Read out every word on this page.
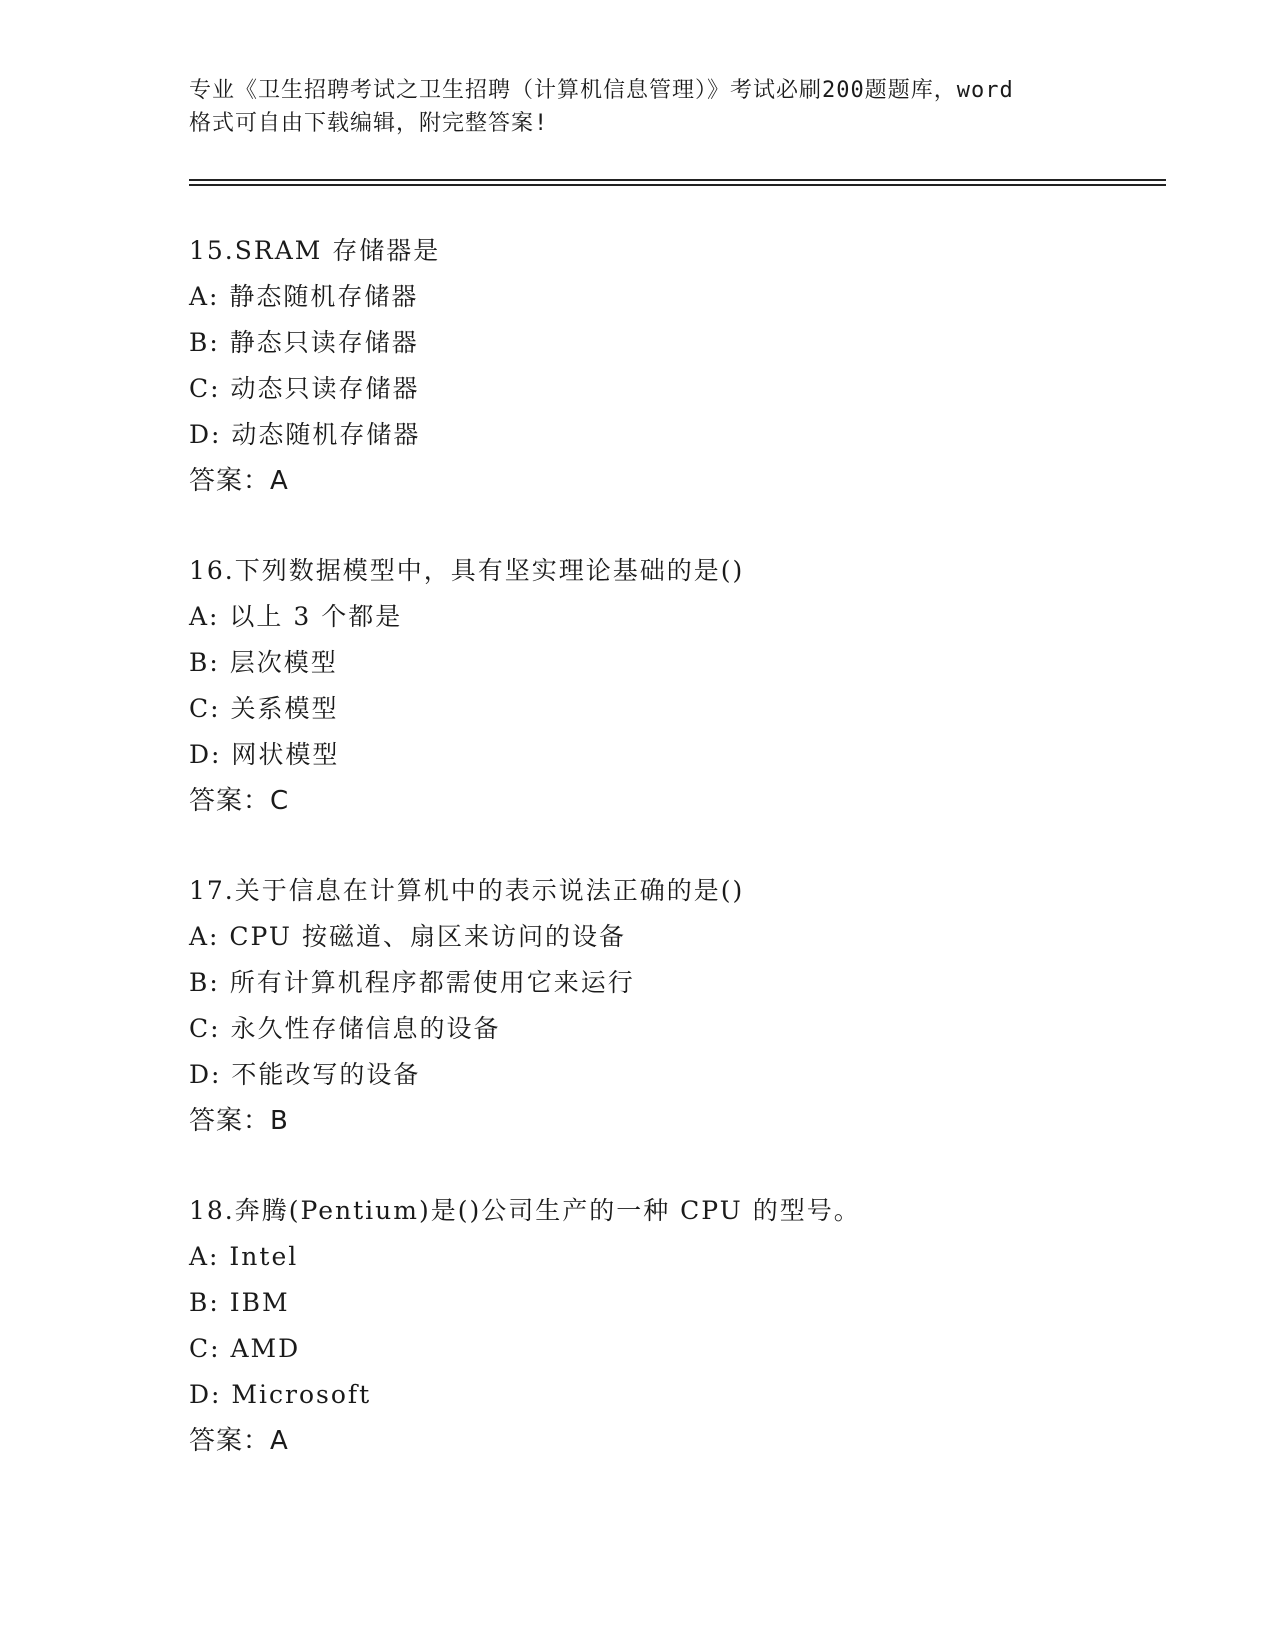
专业《卫生招聘考试之卫生招聘（计算机信息管理）》考试必刷200题题库，word
格式可自由下载编辑，附完整答案!
15.SRAM 存储器是
A: 静态随机存储器
B: 静态只读存储器
C: 动态只读存储器
D: 动态随机存储器
答案：A
16.下列数据模型中，具有坚实理论基础的是()
A: 以上 3 个都是
B: 层次模型
C: 关系模型
D: 网状模型
答案：C
17.关于信息在计算机中的表示说法正确的是()
A: CPU 按磁道、扇区来访问的设备
B: 所有计算机程序都需使用它来运行
C: 永久性存储信息的设备
D: 不能改写的设备
答案：B
18.奔腾(Pentium)是()公司生产的一种 CPU 的型号。
A: Intel
B: IBM
C: AMD
D: Microsoft
答案：A
